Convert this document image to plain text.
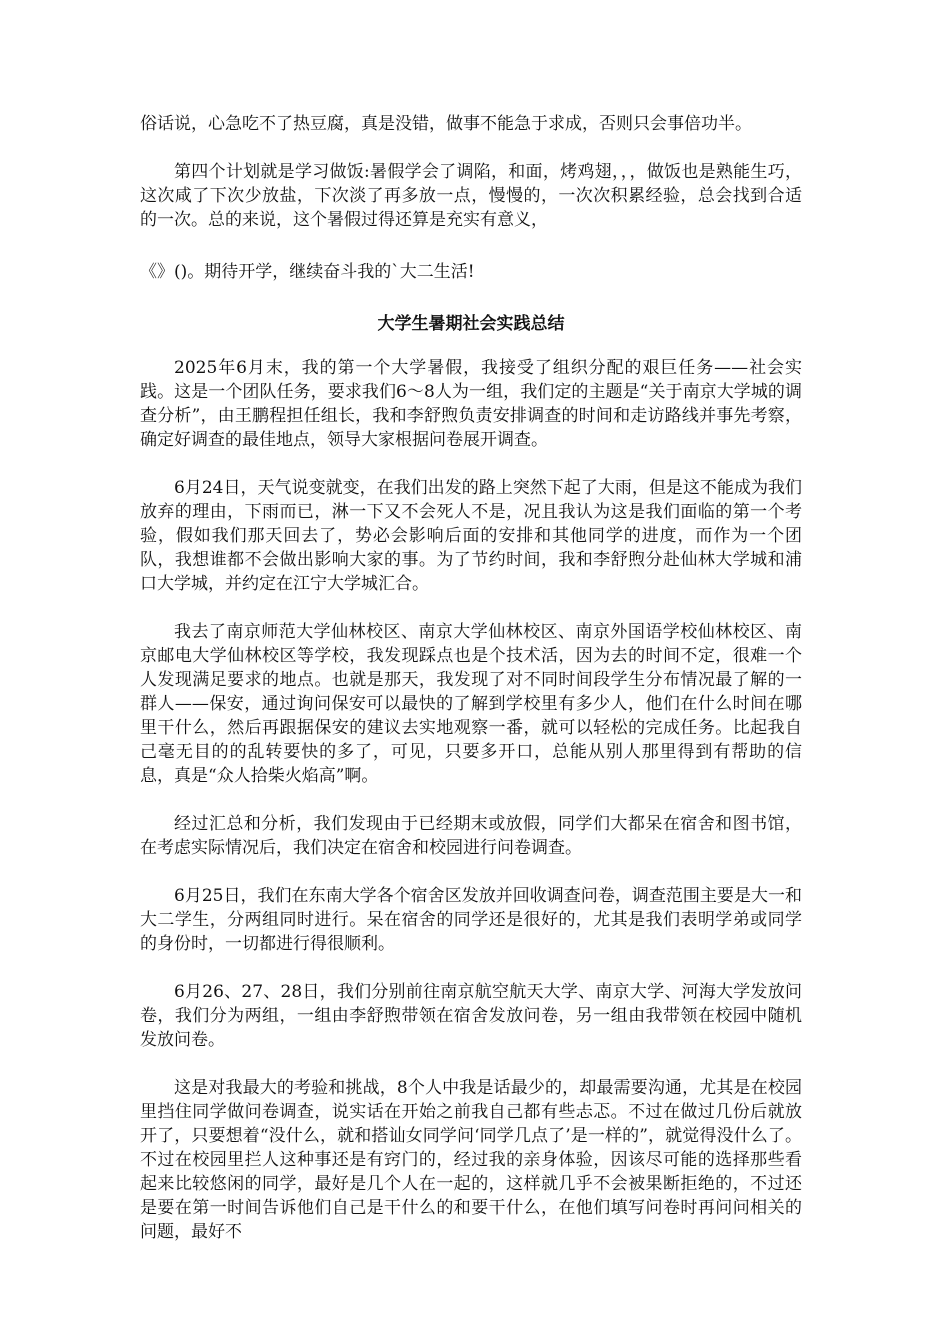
俗话说，心急吃不了热豆腐，真是没错，做事不能急于求成，否则只会事倍功半。

第四个计划就是学习做饭:暑假学会了调陷，和面，烤鸡翅，，，做饭也是熟能生巧，这次咸了下次少放盐，下次淡了再多放一点，慢慢的，一次次积累经验，总会找到合适的一次。总的来说，这个暑假过得还算是充实有意义，

《》()。期待开学，继续奋斗我的`大二生活!

大学生暑期社会实践总结

2025年6月末，我的第一个大学暑假，我接受了组织分配的艰巨任务——社会实践。这是一个团队任务，要求我们6～8人为一组，我们定的主题是“关于南京大学城的调查分析”，由王鹏程担任组长，我和李舒煦负责安排调查的时间和走访路线并事先考察，确定好调查的最佳地点，领导大家根据问卷展开调查。

6月24日，天气说变就变，在我们出发的路上突然下起了大雨，但是这不能成为我们放弃的理由，下雨而已，淋一下又不会死人不是，况且我认为这是我们面临的第一个考验，假如我们那天回去了，势必会影响后面的安排和其他同学的进度，而作为一个团队，我想谁都不会做出影响大家的事。为了节约时间，我和李舒煦分赴仙林大学城和浦口大学城，并约定在江宁大学城汇合。

我去了南京师范大学仙林校区、南京大学仙林校区、南京外国语学校仙林校区、南京邮电大学仙林校区等学校，我发现踩点也是个技术活，因为去的时间不定，很难一个人发现满足要求的地点。也就是那天，我发现了对不同时间段学生分布情况最了解的一群人——保安，通过询问保安可以最快的了解到学校里有多少人，他们在什么时间在哪里干什么，然后再跟据保安的建议去实地观察一番，就可以轻松的完成任务。比起我自己毫无目的的乱转要快的多了，可见，只要多开口，总能从别人那里得到有帮助的信息，真是“众人拾柴火焰高”啊。

经过汇总和分析，我们发现由于已经期末或放假，同学们大都呆在宿舍和图书馆，在考虑实际情况后，我们决定在宿舍和校园进行问卷调查。

6月25日，我们在东南大学各个宿舍区发放并回收调查问卷，调查范围主要是大一和大二学生，分两组同时进行。呆在宿舍的同学还是很好的，尤其是我们表明学弟或同学的身份时，一切都进行得很顺利。

6月26、27、28日，我们分别前往南京航空航天大学、南京大学、河海大学发放问卷，我们分为两组，一组由李舒煦带领在宿舍发放问卷，另一组由我带领在校园中随机发放问卷。

这是对我最大的考验和挑战，8个人中我是话最少的，却最需要沟通，尤其是在校园里挡住同学做问卷调查，说实话在开始之前我自己都有些忐忑。不过在做过几份后就放开了，只要想着“没什么，就和搭讪女同学问‘同学几点了’是一样的”，就觉得没什么了。不过在校园里拦人这种事还是有窍门的，经过我的亲身体验，因该尽可能的选择那些看起来比较悠闲的同学，最好是几个人在一起的，这样就几乎不会被果断拒绝的，不过还是要在第一时间告诉他们自己是干什么的和要干什么，在他们填写问卷时再问问相关的问题，最好不
